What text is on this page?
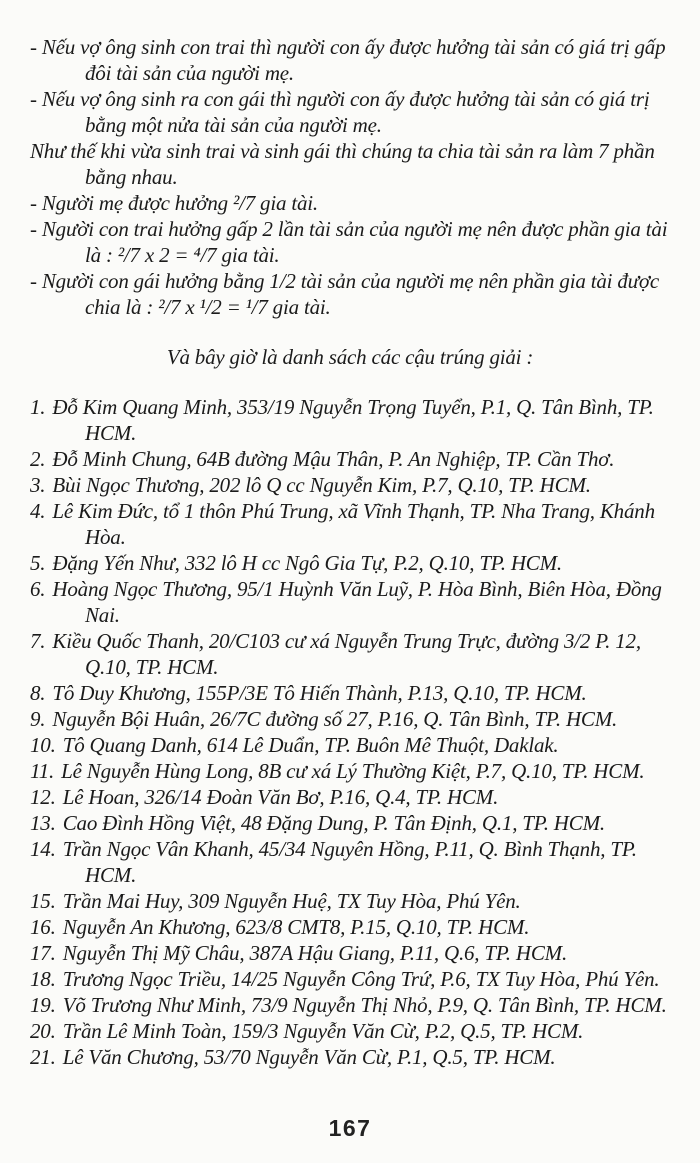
- Nếu vợ ông sinh con trai thì người con ấy được hưởng tài sản có giá trị gấp đôi tài sản của người mẹ.

- Nếu vợ ông sinh ra con gái thì người con ấy được hưởng tài sản có giá trị bằng một nửa tài sản của người mẹ.

Như thế khi vừa sinh trai và sinh gái thì chúng ta chia tài sản ra làm 7 phần bằng nhau.

- Người mẹ được hưởng ²/7 gia tài.

- Người con trai hưởng gấp 2 lần tài sản của người mẹ nên được phần gia tài là : ²/7 x 2 = ⁴/7 gia tài.

- Người con gái hưởng bằng 1/2 tài sản của người mẹ nên phần gia tài được chia là : ²/7 x ¹/2 = ¹/7 gia tài.

Và bây giờ là danh sách các cậu trúng giải :

1. Đỗ Kim Quang Minh, 353/19 Nguyễn Trọng Tuyển, P.1, Q. Tân Bình, TP. HCM.

2. Đỗ Minh Chung, 64B đường Mậu Thân, P. An Nghiệp, TP. Cần Thơ.

3. Bùi Ngọc Thương, 202 lô Q cc Nguyễn Kim, P.7, Q.10, TP. HCM.

4. Lê Kim Đức, tổ 1 thôn Phú Trung, xã Vĩnh Thạnh, TP. Nha Trang, Khánh Hòa.

5. Đặng Yến Như, 332 lô H cc Ngô Gia Tự, P.2, Q.10, TP. HCM.

6. Hoàng Ngọc Thương, 95/1 Huỳnh Văn Luỹ, P. Hòa Bình, Biên Hòa, Đồng Nai.

7. Kiều Quốc Thanh, 20/C103 cư xá Nguyễn Trung Trực, đường 3/2 P. 12, Q.10, TP. HCM.

8. Tô Duy Khương, 155P/3E Tô Hiến Thành, P.13, Q.10, TP. HCM.

9. Nguyễn Bội Huân, 26/7C đường số 27, P.16, Q. Tân Bình, TP. HCM.

10. Tô Quang Danh, 614 Lê Duẩn, TP. Buôn Mê Thuột, Daklak.

11. Lê Nguyễn Hùng Long, 8B cư xá Lý Thường Kiệt, P.7, Q.10, TP. HCM.

12. Lê Hoan, 326/14 Đoàn Văn Bơ, P.16, Q.4, TP. HCM.

13. Cao Đình Hồng Việt, 48 Đặng Dung, P. Tân Định, Q.1, TP. HCM.

14. Trần Ngọc Vân Khanh, 45/34 Nguyên Hồng, P.11, Q. Bình Thạnh, TP. HCM.

15. Trần Mai Huy, 309 Nguyễn Huệ, TX Tuy Hòa, Phú Yên.

16. Nguyễn An Khương, 623/8 CMT8, P.15, Q.10, TP. HCM.

17. Nguyễn Thị Mỹ Châu, 387A Hậu Giang, P.11, Q.6, TP. HCM.

18. Trương Ngọc Triều, 14/25 Nguyễn Công Trứ, P.6, TX Tuy Hòa, Phú Yên.

19. Võ Trương Như Minh, 73/9 Nguyễn Thị Nhỏ, P.9, Q. Tân Bình, TP. HCM.

20. Trần Lê Minh Toàn, 159/3 Nguyễn Văn Cừ, P.2, Q.5, TP. HCM.

21. Lê Văn Chương, 53/70 Nguyễn Văn Cừ, P.1, Q.5, TP. HCM.

167
